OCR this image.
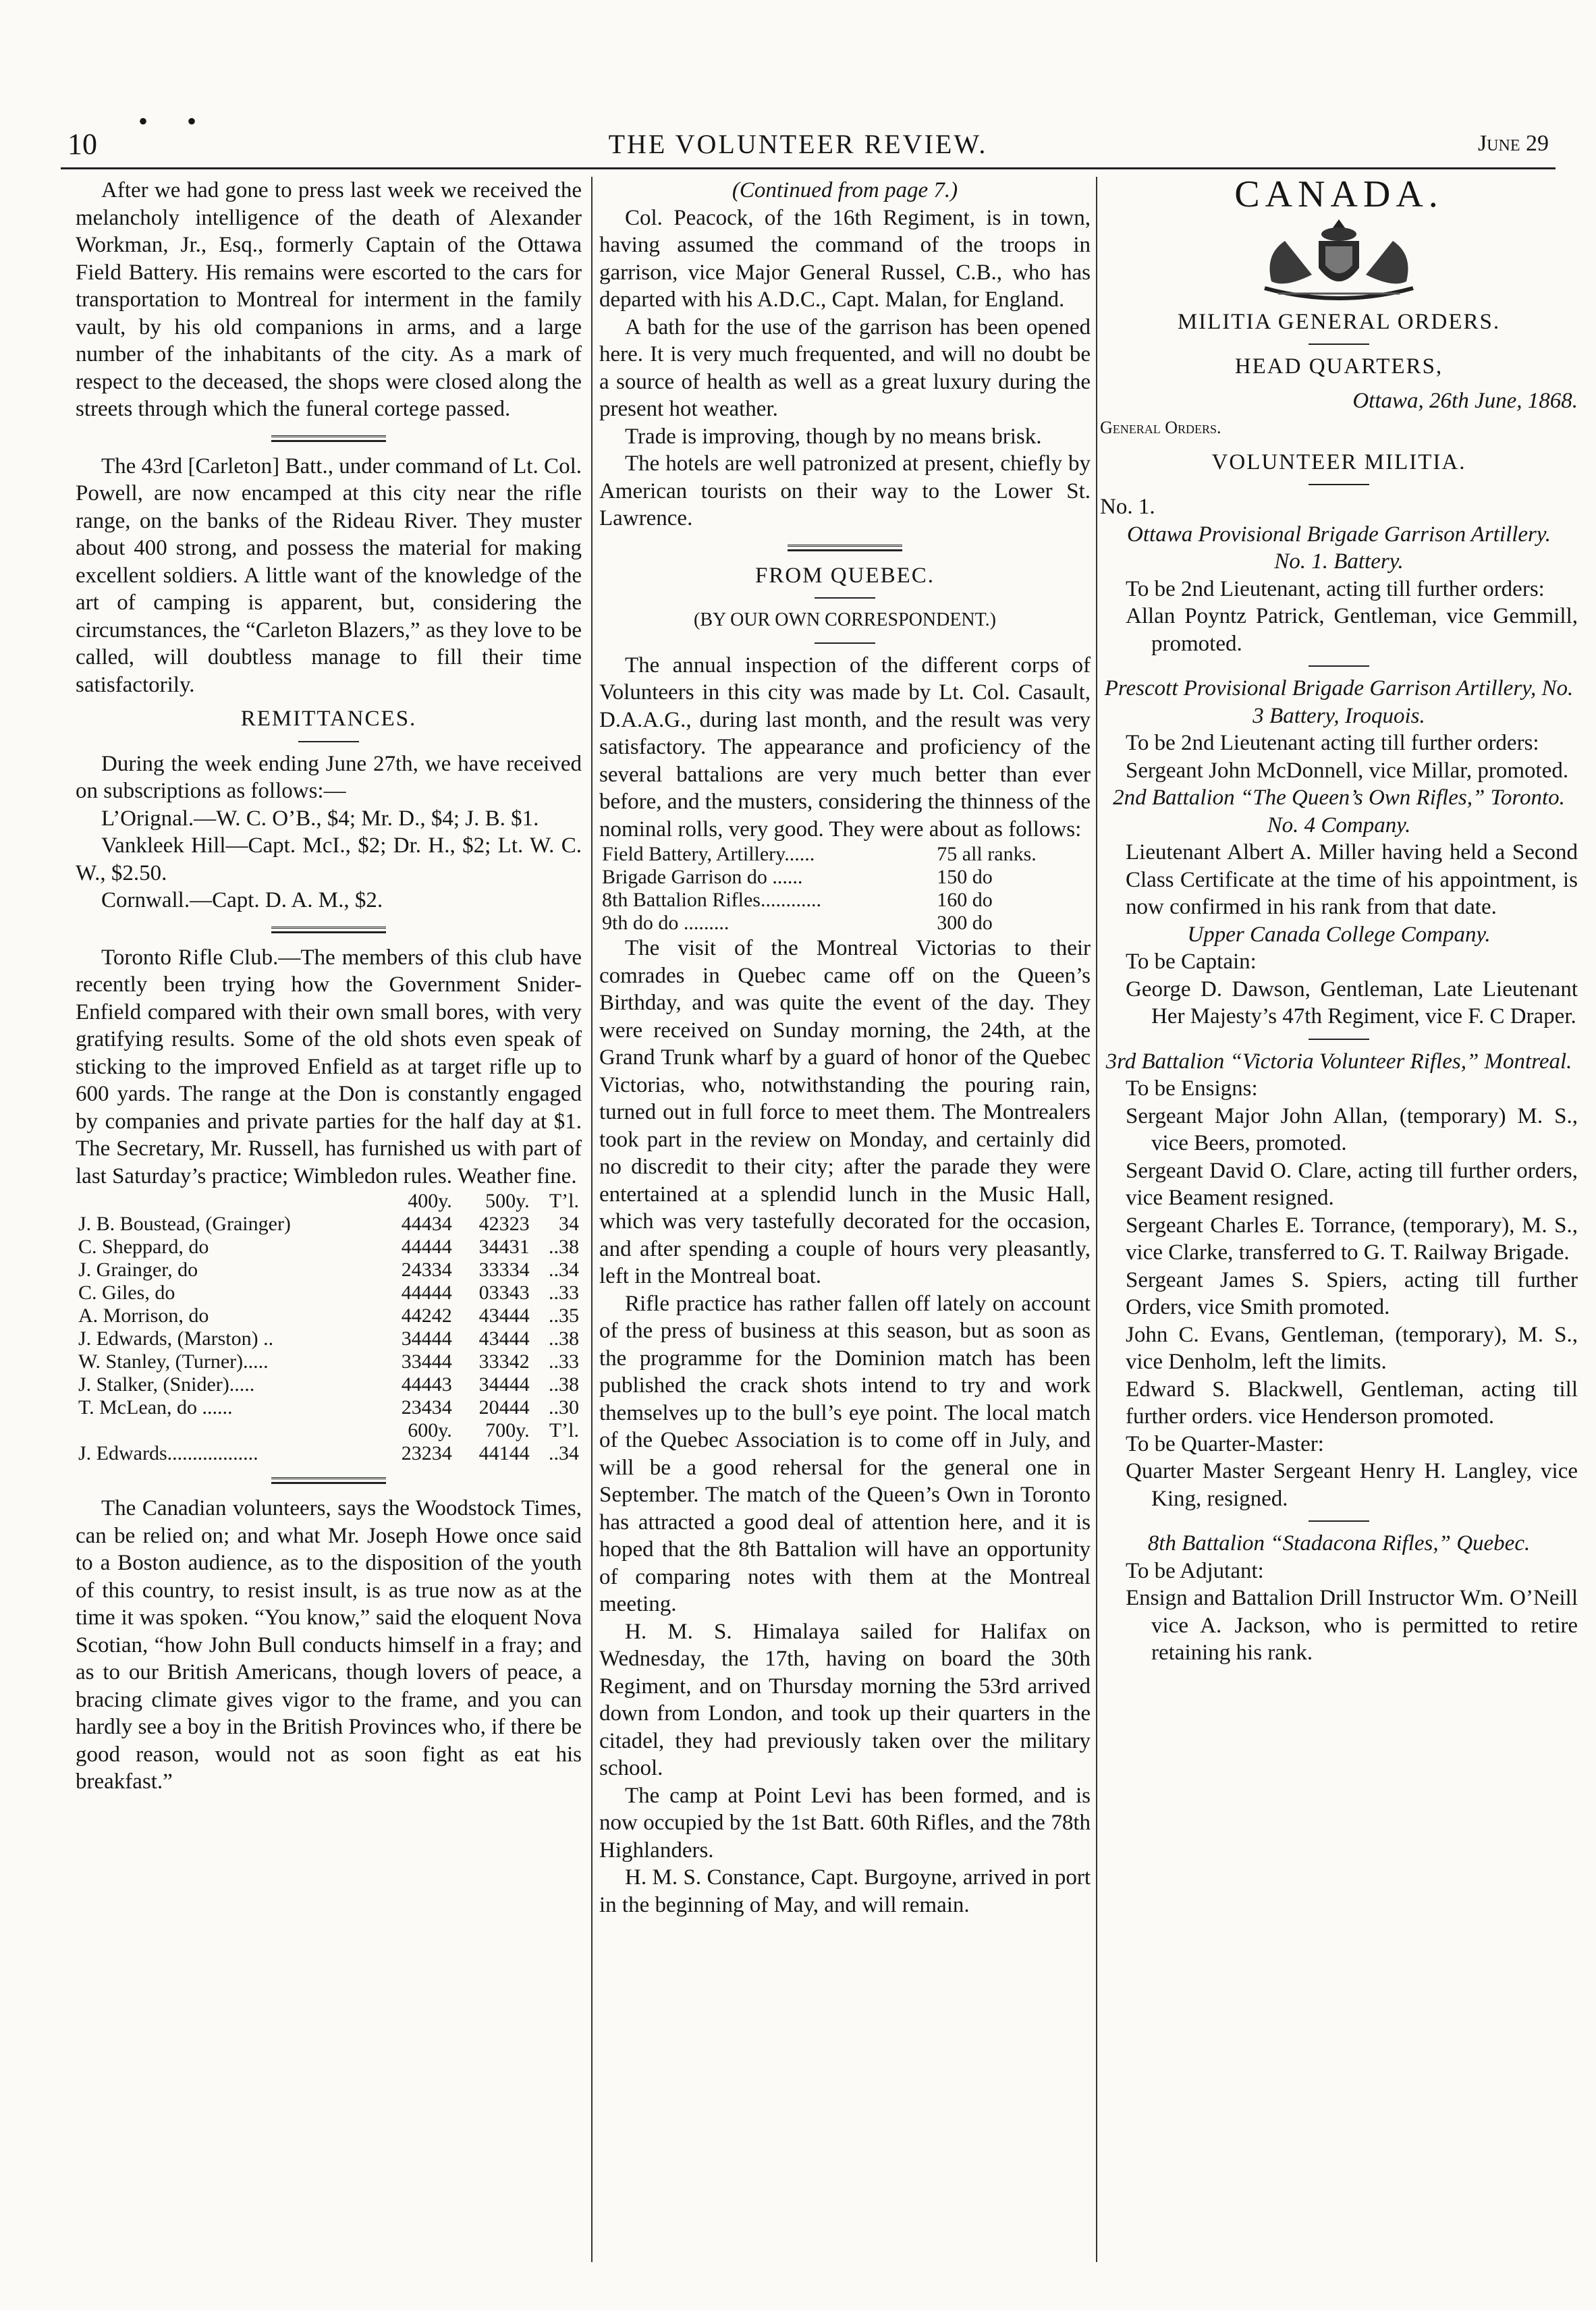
10
• •
THE VOLUNTEER REVIEW.	June 29

After we had gone to press last week we received the melancholy intelligence of the death of Alexander Workman, Jr., Esq., formerly Captain of the Ottawa Field Battery. His remains were escorted to the cars for transportation to Montreal for interment in the family vault, by his old companions in arms, and a large number of the inhabitants of the city. As a mark of respect to the deceased, the shops were closed along the streets through which the funeral cortege passed.

The 43rd [Carleton] Batt., under command of Lt. Col. Powell, are now encamped at this city near the rifle range, on the banks of the Rideau River. They muster about 400 strong, and possess the material for making excellent soldiers. A little want of the knowledge of the art of camping is apparent, but, considering the circumstances, the “Carleton Blazers,” as they love to be called, will doubtless manage to fill their time satisfactorily.

REMITTANCES.

During the week ending June 27th, we have received on subscriptions as follows:—

L’Orignal.—W. C. O’B., $4; Mr. D., $4; J. B. $1.

Vankleek Hill—Capt. McI., $2; Dr. H., $2; Lt. W. C. W., $2.50.

Cornwall.—Capt. D. A. M., $2.

Toronto Rifle Club.—The members of this club have recently been trying how the Government Snider-Enfield compared with their own small bores, with very gratifying results. Some of the old shots even speak of sticking to the improved Enfield as at target rifle up to 600 yards. The range at the Don is constantly engaged by companies and private parties for the half day at $1. The Secretary, Mr. Russell, has furnished us with part of last Saturday’s practice; Wimbledon rules. Weather fine.

	400y.	500y.	T’l.
J. B. Boustead, (Grainger)	44434	42323	34
C. Sheppard, do	44444	34431	..38
J. Grainger, do	24334	33334	..34
C. Giles, do	44444	03343	..33
A. Morrison, do	44242	43444	..35
J. Edwards, (Marston) ..	34444	43444	..38
W. Stanley, (Turner).....	33444	33342	..33
J. Stalker, (Snider).....	44443	34444	..38
T. McLean, do ......	23434	20444	..30
	600y.	700y.	T’l.
J. Edwards..................	23234	44144	..34

The Canadian volunteers, says the Woodstock Times, can be relied on; and what Mr. Joseph Howe once said to a Boston audience, as to the disposition of the youth of this country, to resist insult, is as true now as at the time it was spoken. “You know,” said the eloquent Nova Scotian, “how John Bull conducts himself in a fray; and as to our British Americans, though lovers of peace, a bracing climate gives vigor to the frame, and you can hardly see a boy in the British Provinces who, if there be good reason, would not as soon fight as eat his breakfast.”

(Continued from page 7.)

Col. Peacock, of the 16th Regiment, is in town, having assumed the command of the troops in garrison, vice Major General Russel, C.B., who has departed with his A.D.C., Capt. Malan, for England.

A bath for the use of the garrison has been opened here. It is very much frequented, and will no doubt be a source of health as well as a great luxury during the present hot weather.

Trade is improving, though by no means brisk.

The hotels are well patronized at present, chiefly by American tourists on their way to the Lower St. Lawrence.

FROM QUEBEC.

(BY OUR OWN CORRESPONDENT.)

The annual inspection of the different corps of Volunteers in this city was made by Lt. Col. Casault, D.A.A.G., during last month, and the result was very satisfactory. The appearance and proficiency of the several battalions are very much better than ever before, and the musters, considering the thinness of the nominal rolls, very good. They were about as follows:

Field Battery, Artillery......	75 all ranks.
Brigade Garrison do ......	150 do
8th Battalion Rifles............	160 do
9th do do .........	300 do

The visit of the Montreal Victorias to their comrades in Quebec came off on the Queen’s Birthday, and was quite the event of the day. They were received on Sunday morning, the 24th, at the Grand Trunk wharf by a guard of honor of the Quebec Victorias, who, notwithstanding the pouring rain, turned out in full force to meet them. The Montrealers took part in the review on Monday, and certainly did no discredit to their city; after the parade they were entertained at a splendid lunch in the Music Hall, which was very tastefully decorated for the occasion, and after spending a couple of hours very pleasantly, left in the Montreal boat.

Rifle practice has rather fallen off lately on account of the press of business at this season, but as soon as the programme for the Dominion match has been published the crack shots intend to try and work themselves up to the bull’s eye point. The local match of the Quebec Association is to come off in July, and will be a good rehersal for the general one in September. The match of the Queen’s Own in Toronto has attracted a good deal of attention here, and it is hoped that the 8th Battalion will have an opportunity of comparing notes with them at the Montreal meeting.

H. M. S. Himalaya sailed for Halifax on Wednesday, the 17th, having on board the 30th Regiment, and on Thursday morning the 53rd arrived down from London, and took up their quarters in the citadel, they had previously taken over the military school.

The camp at Point Levi has been formed, and is now occupied by the 1st Batt. 60th Rifles, and the 78th Highlanders.

H. M. S. Constance, Capt. Burgoyne, arrived in port in the beginning of May, and will remain.

CANADA.
MILITIA GENERAL ORDERS.
HEAD QUARTERS,

Ottawa, 26th June, 1868.

General Orders.

VOLUNTEER MILITIA.

No. 1.

Ottawa Provisional Brigade Garrison Artillery.

No. 1. Battery.

To be 2nd Lieutenant, acting till further orders:

Allan Poyntz Patrick, Gentleman, vice Gemmill, promoted.

Prescott Provisional Brigade Garrison Artillery, No. 3 Battery, Iroquois.

To be 2nd Lieutenant acting till further orders:

Sergeant John McDonnell, vice Millar, promoted.

2nd Battalion “The Queen’s Own Rifles,” Toronto.

No. 4 Company.

Lieutenant Albert A. Miller having held a Second Class Certificate at the time of his appointment, is now confirmed in his rank from that date.

Upper Canada College Company.

To be Captain:

George D. Dawson, Gentleman, Late Lieutenant Her Majesty’s 47th Regiment, vice F. C Draper.

3rd Battalion “Victoria Volunteer Rifles,” Montreal.

To be Ensigns:

Sergeant Major John Allan, (temporary) M. S., vice Beers, promoted.

Sergeant David O. Clare, acting till further orders, vice Beament resigned.

Sergeant Charles E. Torrance, (temporary), M. S., vice Clarke, transferred to G. T. Railway Brigade.

Sergeant James S. Spiers, acting till further Orders, vice Smith promoted.

John C. Evans, Gentleman, (temporary), M. S., vice Denholm, left the limits.

Edward S. Blackwell, Gentleman, acting till further orders. vice Henderson promoted.

To be Quarter-Master:

Quarter Master Sergeant Henry H. Langley, vice King, resigned.

8th Battalion “Stadacona Rifles,” Quebec.

To be Adjutant:

Ensign and Battalion Drill Instructor Wm. O’Neill vice A. Jackson, who is permitted to retire retaining his rank.
